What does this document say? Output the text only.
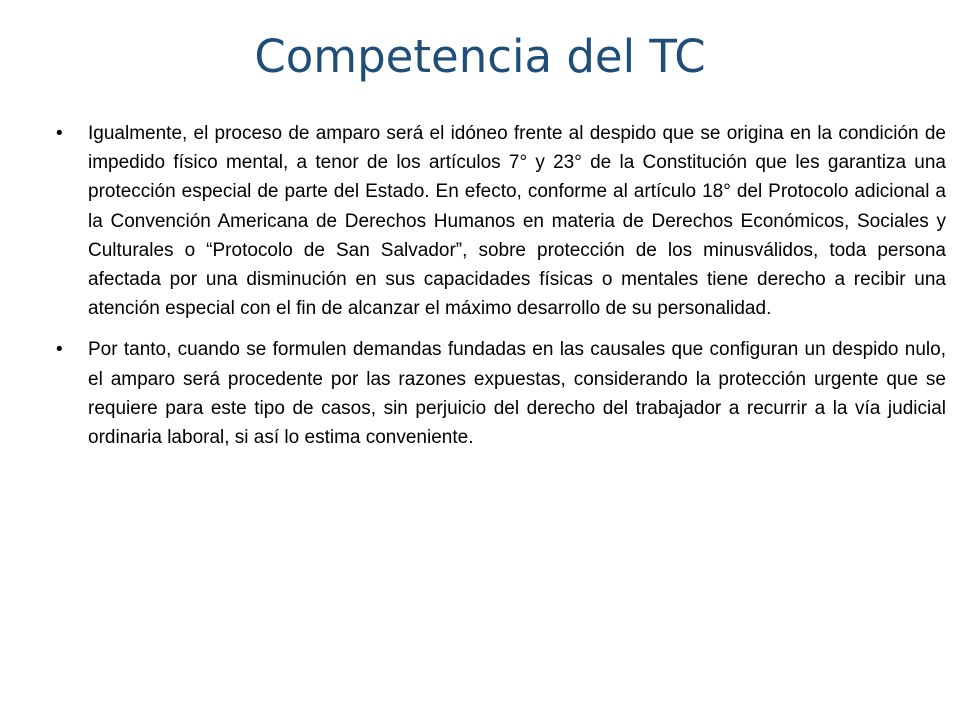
Competencia del TC
• Igualmente, el proceso de amparo será el idóneo frente al despido que se origina en la condición de impedido físico mental, a tenor de los artículos 7° y 23° de la Constitución que les garantiza una protección especial de parte del Estado. En efecto, conforme al artículo 18° del Protocolo adicional a la Convención Americana de Derechos Humanos en materia de Derechos Económicos, Sociales y Culturales o “Protocolo de San Salvador”, sobre protección de los minusválidos, toda persona afectada por una disminución en sus capacidades físicas o mentales tiene derecho a recibir una atención especial con el fin de alcanzar el máximo desarrollo de su personalidad.
• Por tanto, cuando se formulen demandas fundadas en las causales que configuran un despido nulo, el amparo será procedente por las razones expuestas, considerando la protección urgente que se requiere para este tipo de casos, sin perjuicio del derecho del trabajador a recurrir a la vía judicial ordinaria laboral, si así lo estima conveniente.
